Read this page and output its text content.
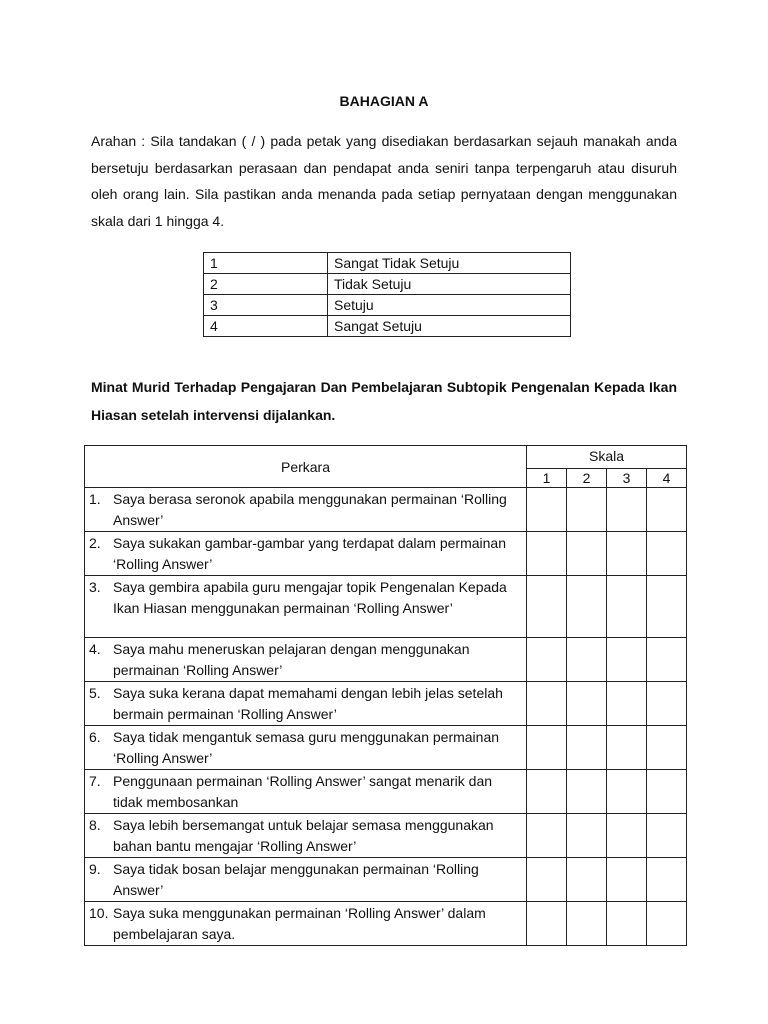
BAHAGIAN A

Arahan : Sila tandakan ( / ) pada petak yang disediakan berdasarkan sejauh manakah anda bersetuju berdasarkan perasaan dan pendapat anda seniri tanpa terpengaruh atau disuruh oleh orang lain. Sila pastikan anda menanda pada setiap pernyataan dengan menggunakan skala dari 1 hingga 4.

1	Sangat Tidak Setuju
2	Tidak Setuju
3	Setuju
4	Sangat Setuju

Minat Murid Terhadap Pengajaran Dan Pembelajaran Subtopik Pengenalan Kepada Ikan Hiasan setelah intervensi dijalankan.

Perkara	Skala			
	1	2	3	4

1. Saya berasa seronok apabila menggunakan permainan ‘Rolling Answer’				

2. Saya sukakan gambar-gambar yang terdapat dalam permainan ‘Rolling Answer’				

3. Saya gembira apabila guru mengajar topik Pengenalan Kepada Ikan Hiasan menggunakan permainan ‘Rolling Answer’				

4. Saya mahu meneruskan pelajaran dengan menggunakan permainan ‘Rolling Answer’				

5. Saya suka kerana dapat memahami dengan lebih jelas setelah bermain permainan ‘Rolling Answer’				

6. Saya tidak mengantuk semasa guru menggunakan permainan ‘Rolling Answer’				

7. Penggunaan permainan ‘Rolling Answer’ sangat menarik dan tidak membosankan				

8. Saya lebih bersemangat untuk belajar semasa menggunakan bahan bantu mengajar ‘Rolling Answer’				

9. Saya tidak bosan belajar menggunakan permainan ‘Rolling Answer’				

10. Saya suka menggunakan permainan ‘Rolling Answer’ dalam pembelajaran saya.				
